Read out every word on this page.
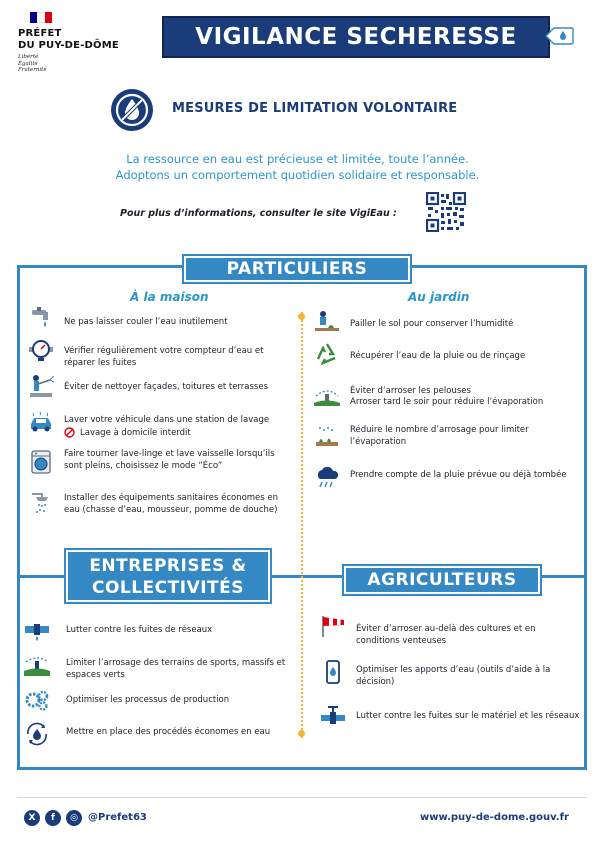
PRÉFET
DU PUY-DE-DÔME
Liberté
Égalité
Fraternité
VIGILANCE SECHERESSE
MESURES DE LIMITATION VOLONTAIRE
La ressource en eau est précieuse et limitée, toute l’année.
Adoptons un comportement quotidien solidaire et responsable.
Pour plus d’informations, consulter le site VigiEau :
PARTICULIERS
À la maison	Au jardin
Ne pas laisser couler l’eau inutilement
Vérifier régulièrement votre compteur d’eau et réparer les fuites
Éviter de nettoyer façades, toitures et terrasses
Laver votre véhicule dans une station de lavage
Lavage à domicile interdit
Faire tourner lave-linge et lave vaisselle lorsqu’ils sont pleins, choisissez le mode “Éco”
Installer des équipements sanitaires économes en eau (chasse d’eau, mousseur, pomme de douche)
Pailler le sol pour conserver l’humidité
Récupérer l’eau de la pluie ou de rinçage
Éviter d’arroser les pelouses
Arroser tard le soir pour réduire l’évaporation
Réduire le nombre d’arrosage pour limiter l’évaporation
Prendre compte de la pluie prévue ou déjà tombée
ENTREPRISES &
COLLECTIVITÉS
Lutter contre les fuites de réseaux
Limiter l’arrosage des terrains de sports, massifs et espaces verts
Optimiser les processus de production
Mettre en place des procédés économes en eau
AGRICULTEURS
Éviter d’arroser au-delà des cultures et en conditions venteuses
Optimiser les apports d’eau (outils d’aide à la décision)
Lutter contre les fuites sur le matériel et les réseaux
X	f	◎	@Prefet63	www.puy-de-dome.gouv.fr
